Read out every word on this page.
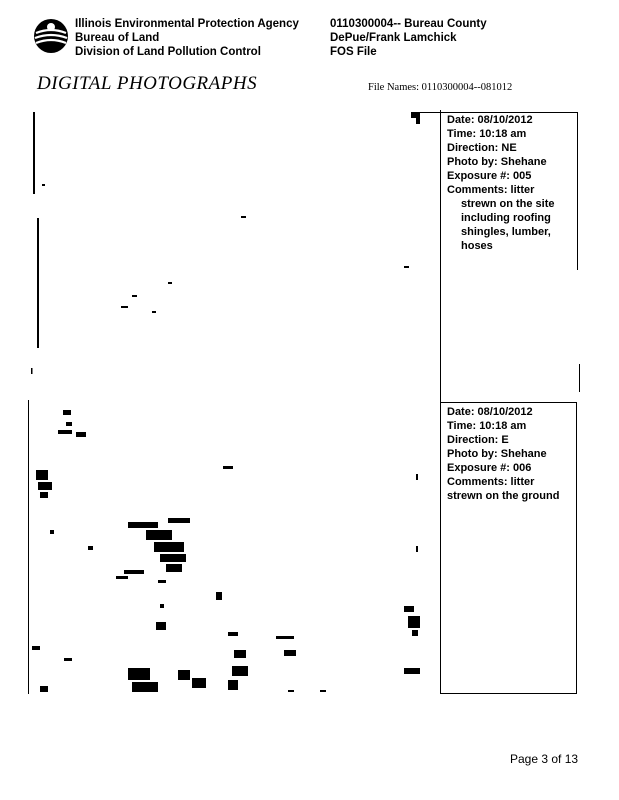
Illinois Environmental Protection Agency
Bureau of Land
Division of Land Pollution Control
0110300004-- Bureau County
DePue/Frank Lamchick
FOS File
DIGITAL PHOTOGRAPHS	File Names: 0110300004--081012
Date: 08/10/2012
Time: 10:18 am
Direction: NE
Photo by: Shehane
Exposure #: 005
Comments: litter
strewn on the site
including roofing
shingles, lumber,
hoses
Date: 08/10/2012
Time: 10:18 am
Direction: E
Photo by: Shehane
Exposure #: 006
Comments: litter
strewn on the ground
Page 3 of 13
